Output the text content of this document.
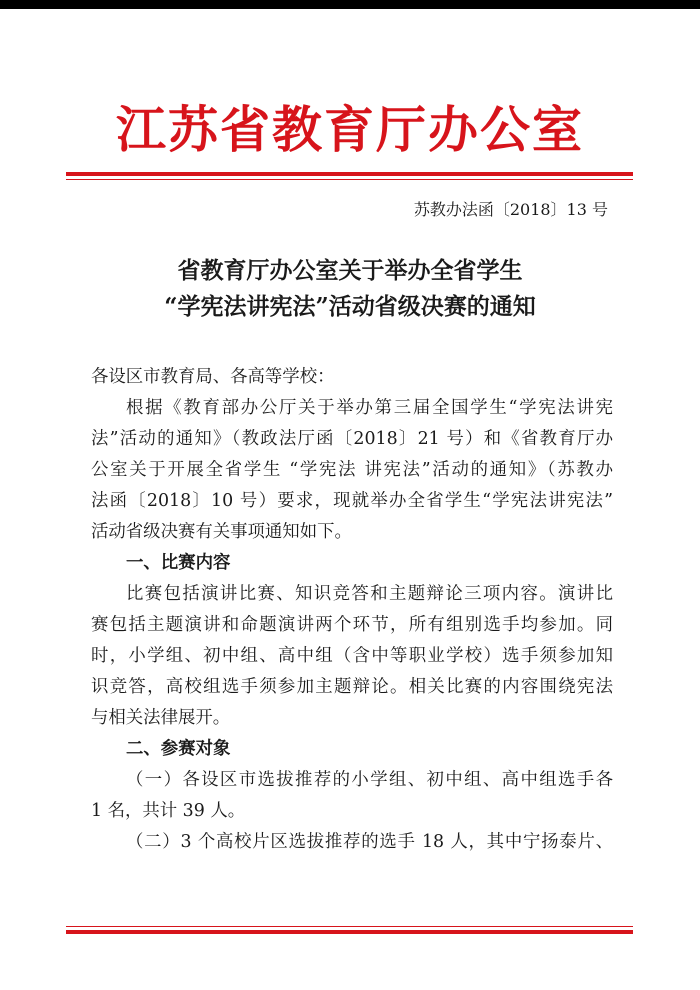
江苏省教育厅办公室
苏教办法函〔2018〕13 号
省教育厅办公室关于举办全省学生
“学宪法讲宪法”活动省级决赛的通知
各设区市教育局、各高等学校：
根据《教育部办公厅关于举办第三届全国学生“学宪法讲宪
法”活动的通知》（教政法厅函〔2018〕21 号）和《省教育厅办
公室关于开展全省学生 “学宪法 讲宪法”活动的通知》（苏教办
法函〔2018〕10 号）要求，现就举办全省学生“学宪法讲宪法”
活动省级决赛有关事项通知如下。
一、比赛内容
比赛包括演讲比赛、知识竞答和主题辩论三项内容。演讲比
赛包括主题演讲和命题演讲两个环节，所有组别选手均参加。同
时，小学组、初中组、高中组（含中等职业学校）选手须参加知
识竞答，高校组选手须参加主题辩论。相关比赛的内容围绕宪法
与相关法律展开。
二、参赛对象
（一）各设区市选拔推荐的小学组、初中组、高中组选手各
1 名，共计 39 人。
（二）3 个高校片区选拔推荐的选手 18 人，其中宁扬泰片、
